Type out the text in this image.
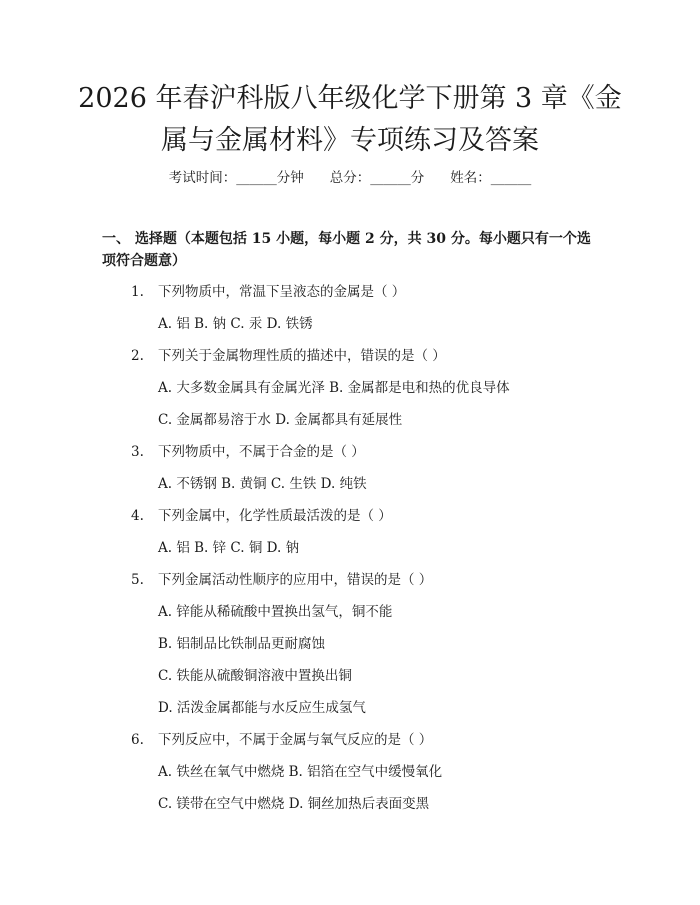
2026 年春沪科版八年级化学下册第 3 章《金
属与金属材料》专项练习及答案
考试时间：______分钟 总分：______分 姓名：______
一、 选择题（本题包括 15 小题，每小题 2 分，共 30 分。每小题只有一个选项符合题意）
1. 下列物质中，常温下呈液态的金属是（ ）
A. 铝 B. 钠 C. 汞 D. 铁锈
2. 下列关于金属物理性质的描述中，错误的是（ ）
A. 大多数金属具有金属光泽 B. 金属都是电和热的优良导体
C. 金属都易溶于水 D. 金属都具有延展性
3. 下列物质中，不属于合金的是（ ）
A. 不锈钢 B. 黄铜 C. 生铁 D. 纯铁
4. 下列金属中，化学性质最活泼的是（ ）
A. 铝 B. 锌 C. 铜 D. 钠
5. 下列金属活动性顺序的应用中，错误的是（ ）
A. 锌能从稀硫酸中置换出氢气，铜不能
B. 铝制品比铁制品更耐腐蚀
C. 铁能从硫酸铜溶液中置换出铜
D. 活泼金属都能与水反应生成氢气
6. 下列反应中，不属于金属与氧气反应的是（ ）
A. 铁丝在氧气中燃烧 B. 铝箔在空气中缓慢氧化
C. 镁带在空气中燃烧 D. 铜丝加热后表面变黑
